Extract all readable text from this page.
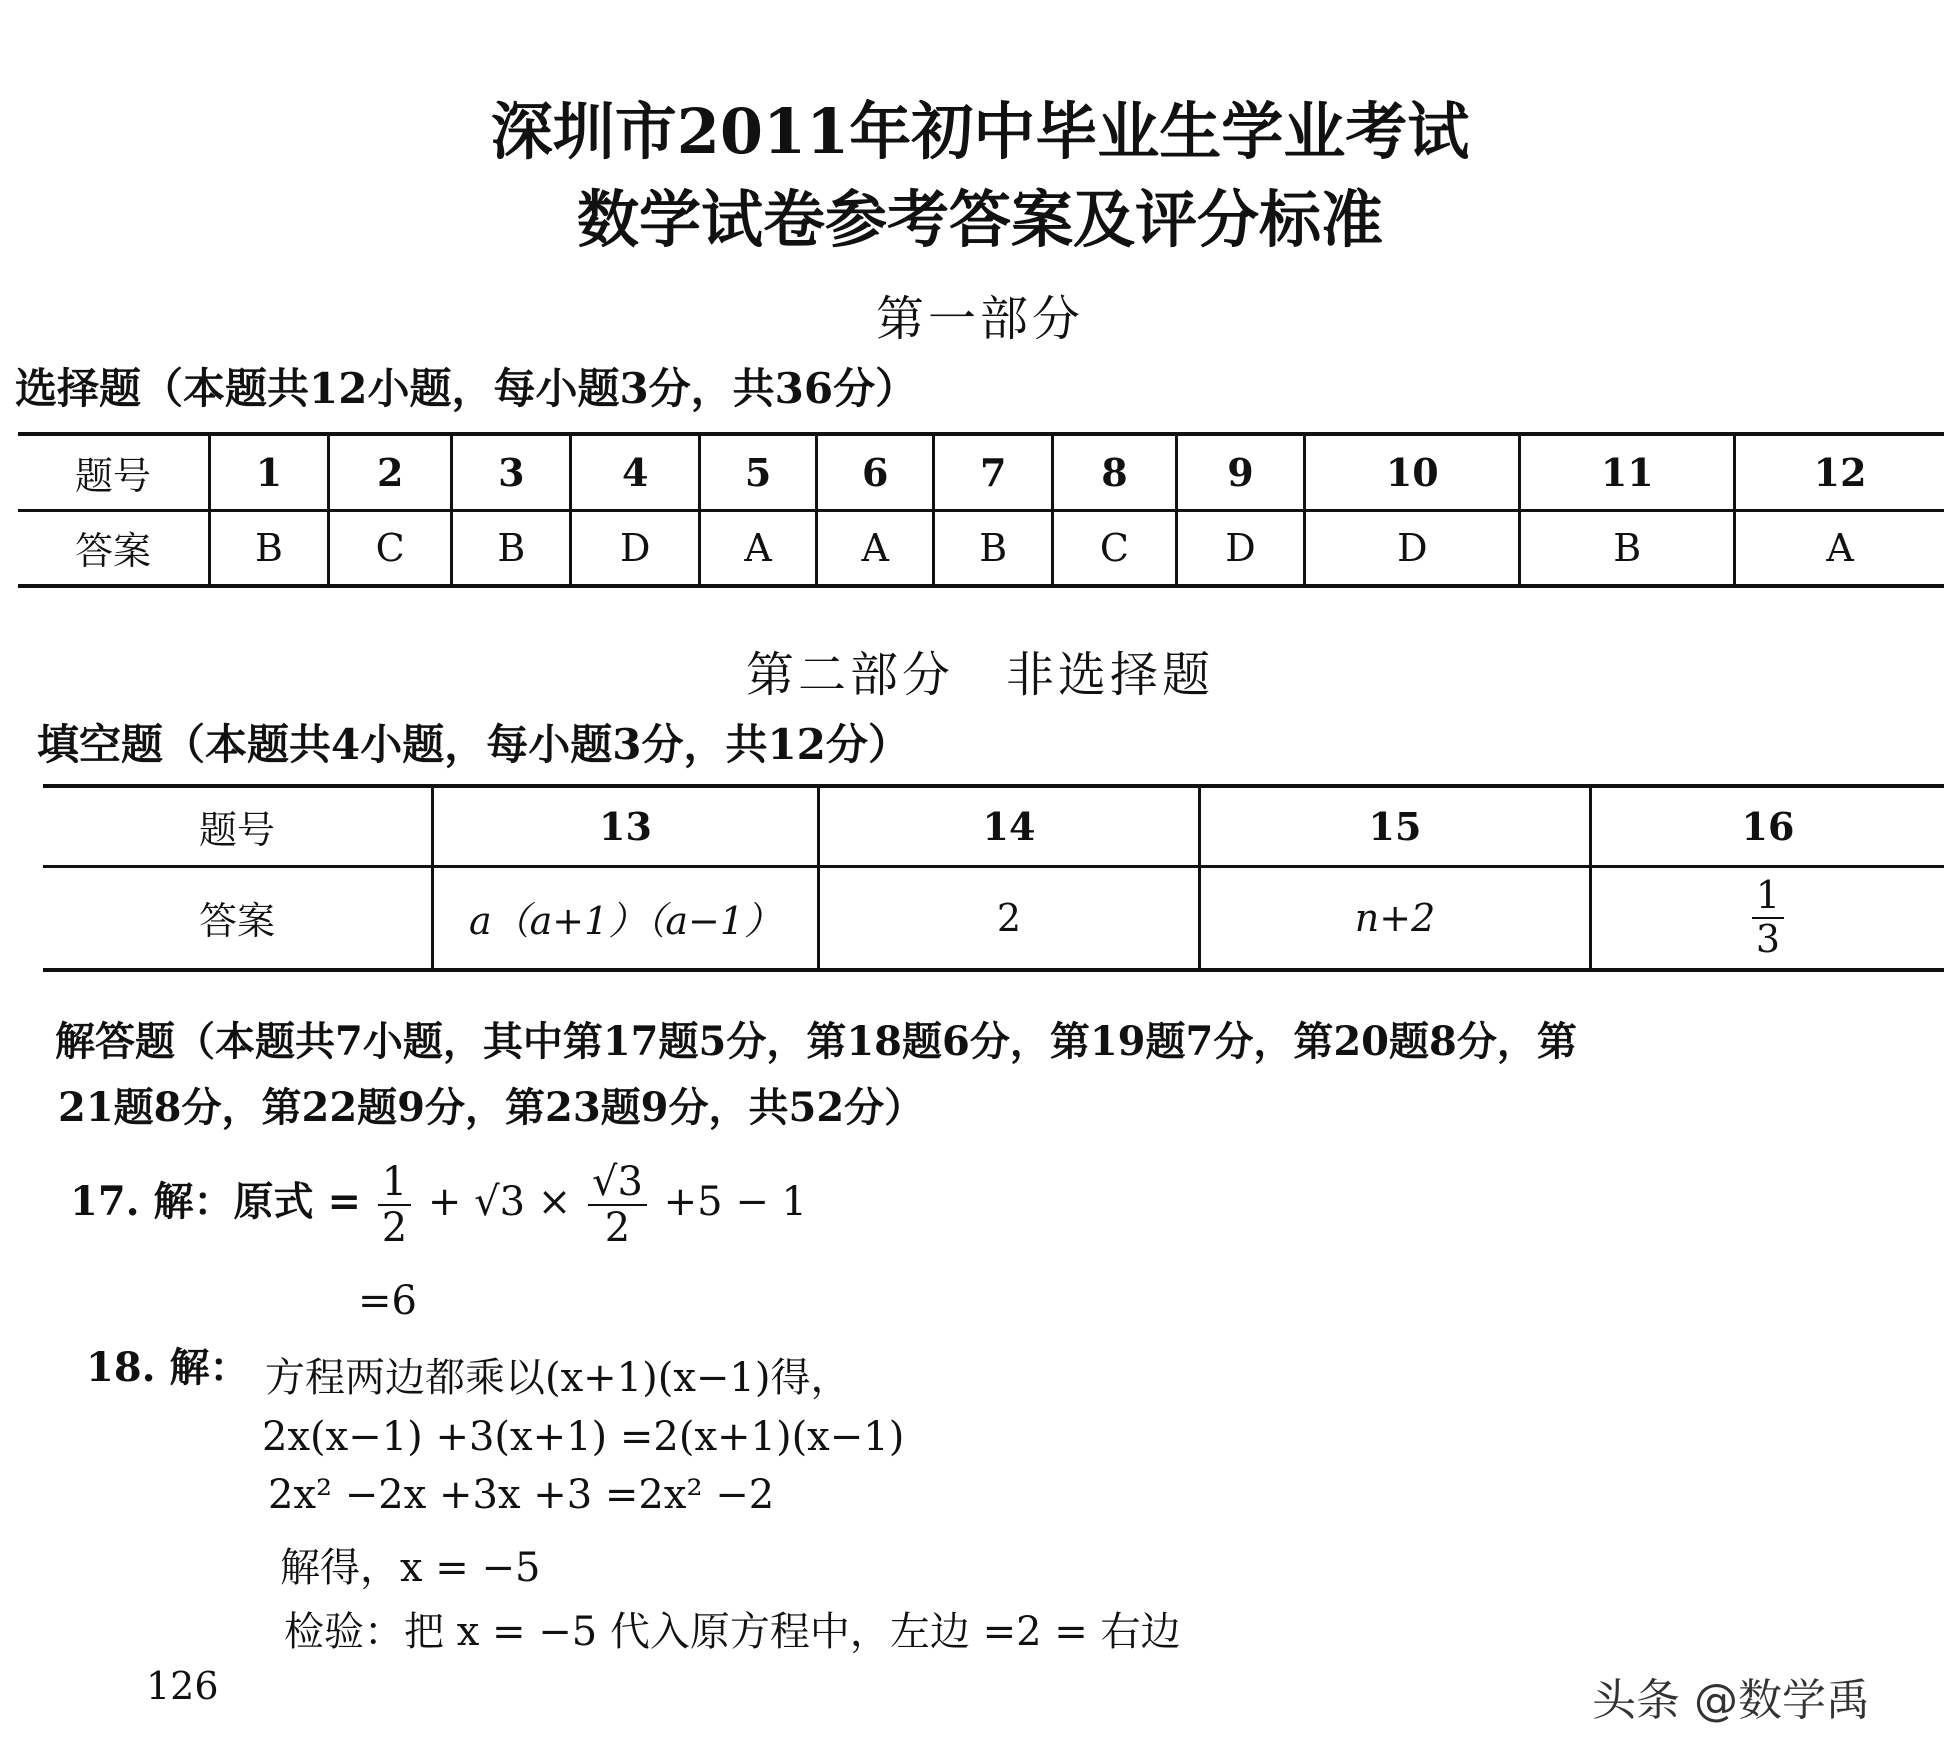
深圳市2011年初中毕业生学业考试
数学试卷参考答案及评分标准
第一部分
选择题（本题共12小题，每小题3分，共36分）
题号	1	2	3	4	5	6	7	8	9	10	11	12
答案	B	C	B	D	A	A	B	C	D	D	B	A
第二部分　非选择题
填空题（本题共4小题，每小题3分，共12分）
题号	13	14	15	16
答案	a（a+1）（a−1）	2	n+2	$\frac{1}{3}$
解答题（本题共7小题，其中第17题5分，第18题6分，第19题7分，第20题8分，第
21题8分，第22题9分，第23题9分，共52分）
17. 解：原式 = $\frac{1}{2} + √3 \times \frac{√3}{2} +5 - 1$
=6
18. 解： 方程两边都乘以(x+1)(x−1)得，
2x(x−1) +3(x+1) =2(x+1)(x−1)
2x² −2x +3x +3 =2x² −2
解得，x = −5
检验：把 x = −5 代入原方程中，左边 =2 = 右边
126	头条 @数学禹
